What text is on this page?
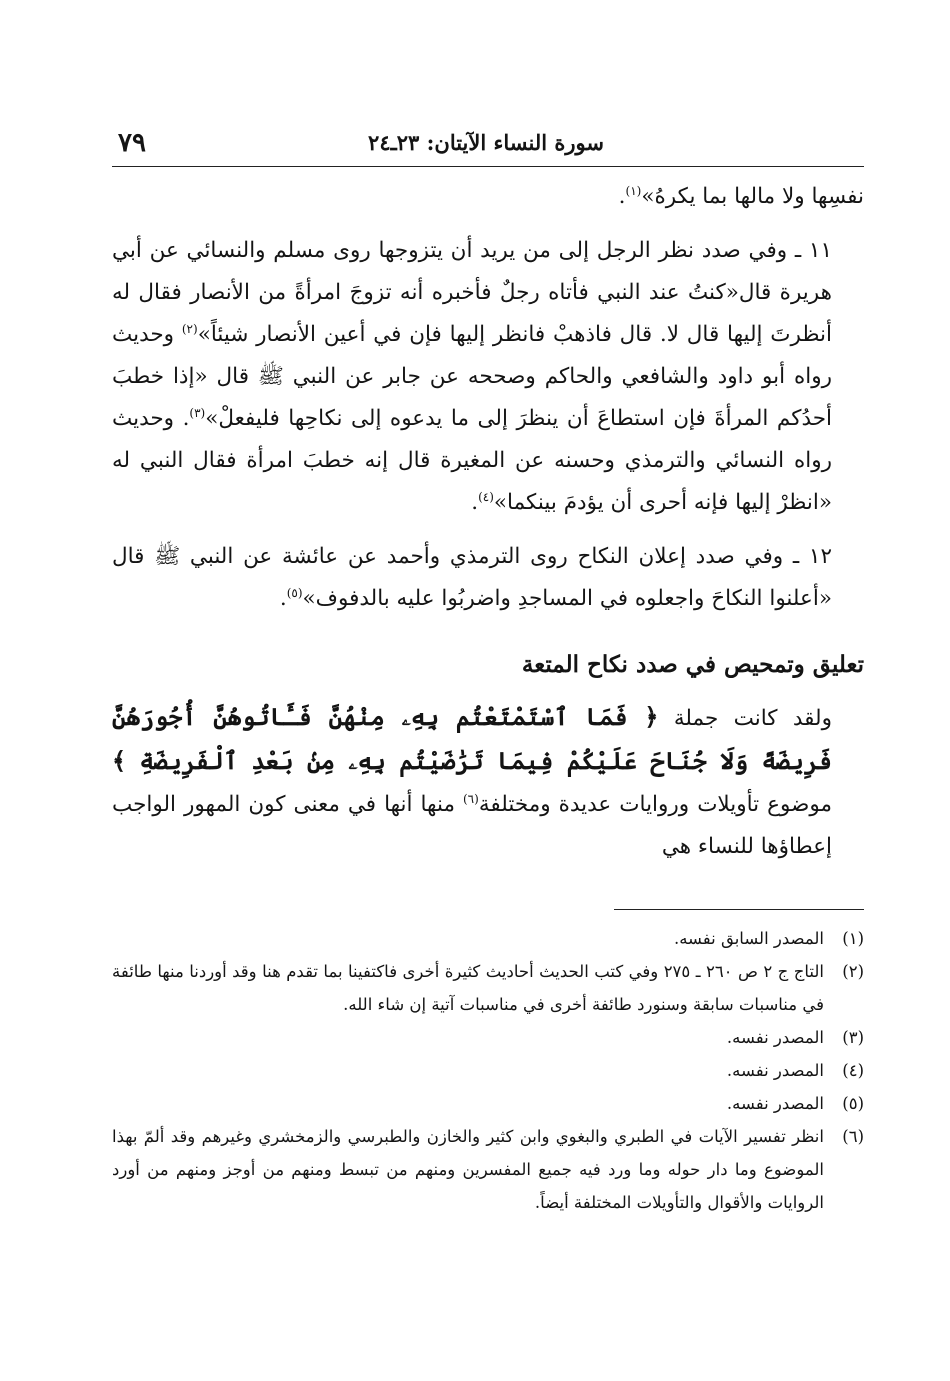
سورة النساء الآيتان: ٢٣ـ٢٤
٧٩

نفسِها ولا مالها بما يكرهُ»$^{(١)}$.

١١ ـ وفي صدد نظر الرجل إلى من يريد أن يتزوجها روى مسلم والنسائي عن أبي هريرة قال«كنتُ عند النبي فأتاه رجلٌ فأخبره أنه تزوجَ امرأةً من الأنصار فقال له أنظرتَ إليها قال لا. قال فاذهبْ فانظر إليها فإن في أعين الأنصار شيئاً»$^{(٢)}$ وحديث رواه أبو داود والشافعي والحاكم وصححه عن جابر عن النبي ﷺ قال «إذا خطبَ أحدُكم المرأةَ فإن استطاعَ أن ينظرَ إلى ما يدعوه إلى نكاحِها فليفعلْ»$^{(٣)}$. وحديث رواه النسائي والترمذي وحسنه عن المغيرة قال إنه خطبَ امرأة فقال النبي له «انظرْ إليها فإنه أحرى أن يؤدمَ بينكما»$^{(٤)}$.

١٢ ـ وفي صدد إعلان النكاح روى الترمذي وأحمد عن عائشة عن النبي ﷺ قال «أعلنوا النكاحَ واجعلوه في المساجدِ واضربُوا عليه بالدفوف»$^{(٥)}$.

تعليق وتمحيص في صدد نكاح المتعة

ولقد كانت جملة ﴿ فَمَا ٱسْتَمْتَعْتُم بِهِۦ مِنْهُنَّ فَـَٔاتُوهُنَّ أُجُورَهُنَّ فَرِيضَةً وَلَا جُنَاحَ عَلَيْكُمْ فِيمَا تَرَٰضَيْتُم بِهِۦ مِنۢ بَعْدِ ٱلْفَرِيضَةِ ﴾ موضوع تأويلات وروايات عديدة ومختلفة$^{(٦)}$ منها أنها في معنى كون المهور الواجب إعطاؤها للنساء هي

(١)
المصدر السابق نفسه.
(٢)
التاج ج ٢ ص ٢٦٠ ـ ٢٧٥ وفي كتب الحديث أحاديث كثيرة أخرى فاكتفينا بما تقدم هنا وقد أوردنا منها طائفة في مناسبات سابقة وسنورد طائفة أخرى في مناسبات آتية إن شاء الله.
(٣)
المصدر نفسه.
(٤)
المصدر نفسه.
(٥)
المصدر نفسه.
(٦)
انظر تفسير الآيات في الطبري والبغوي وابن كثير والخازن والطبرسي والزمخشري وغيرهم وقد ألمّ بهذا الموضوع وما دار حوله وما ورد فيه جميع المفسرين ومنهم من تبسط ومنهم من أوجز ومنهم من أورد الروايات والأقوال والتأويلات المختلفة أيضاً.
